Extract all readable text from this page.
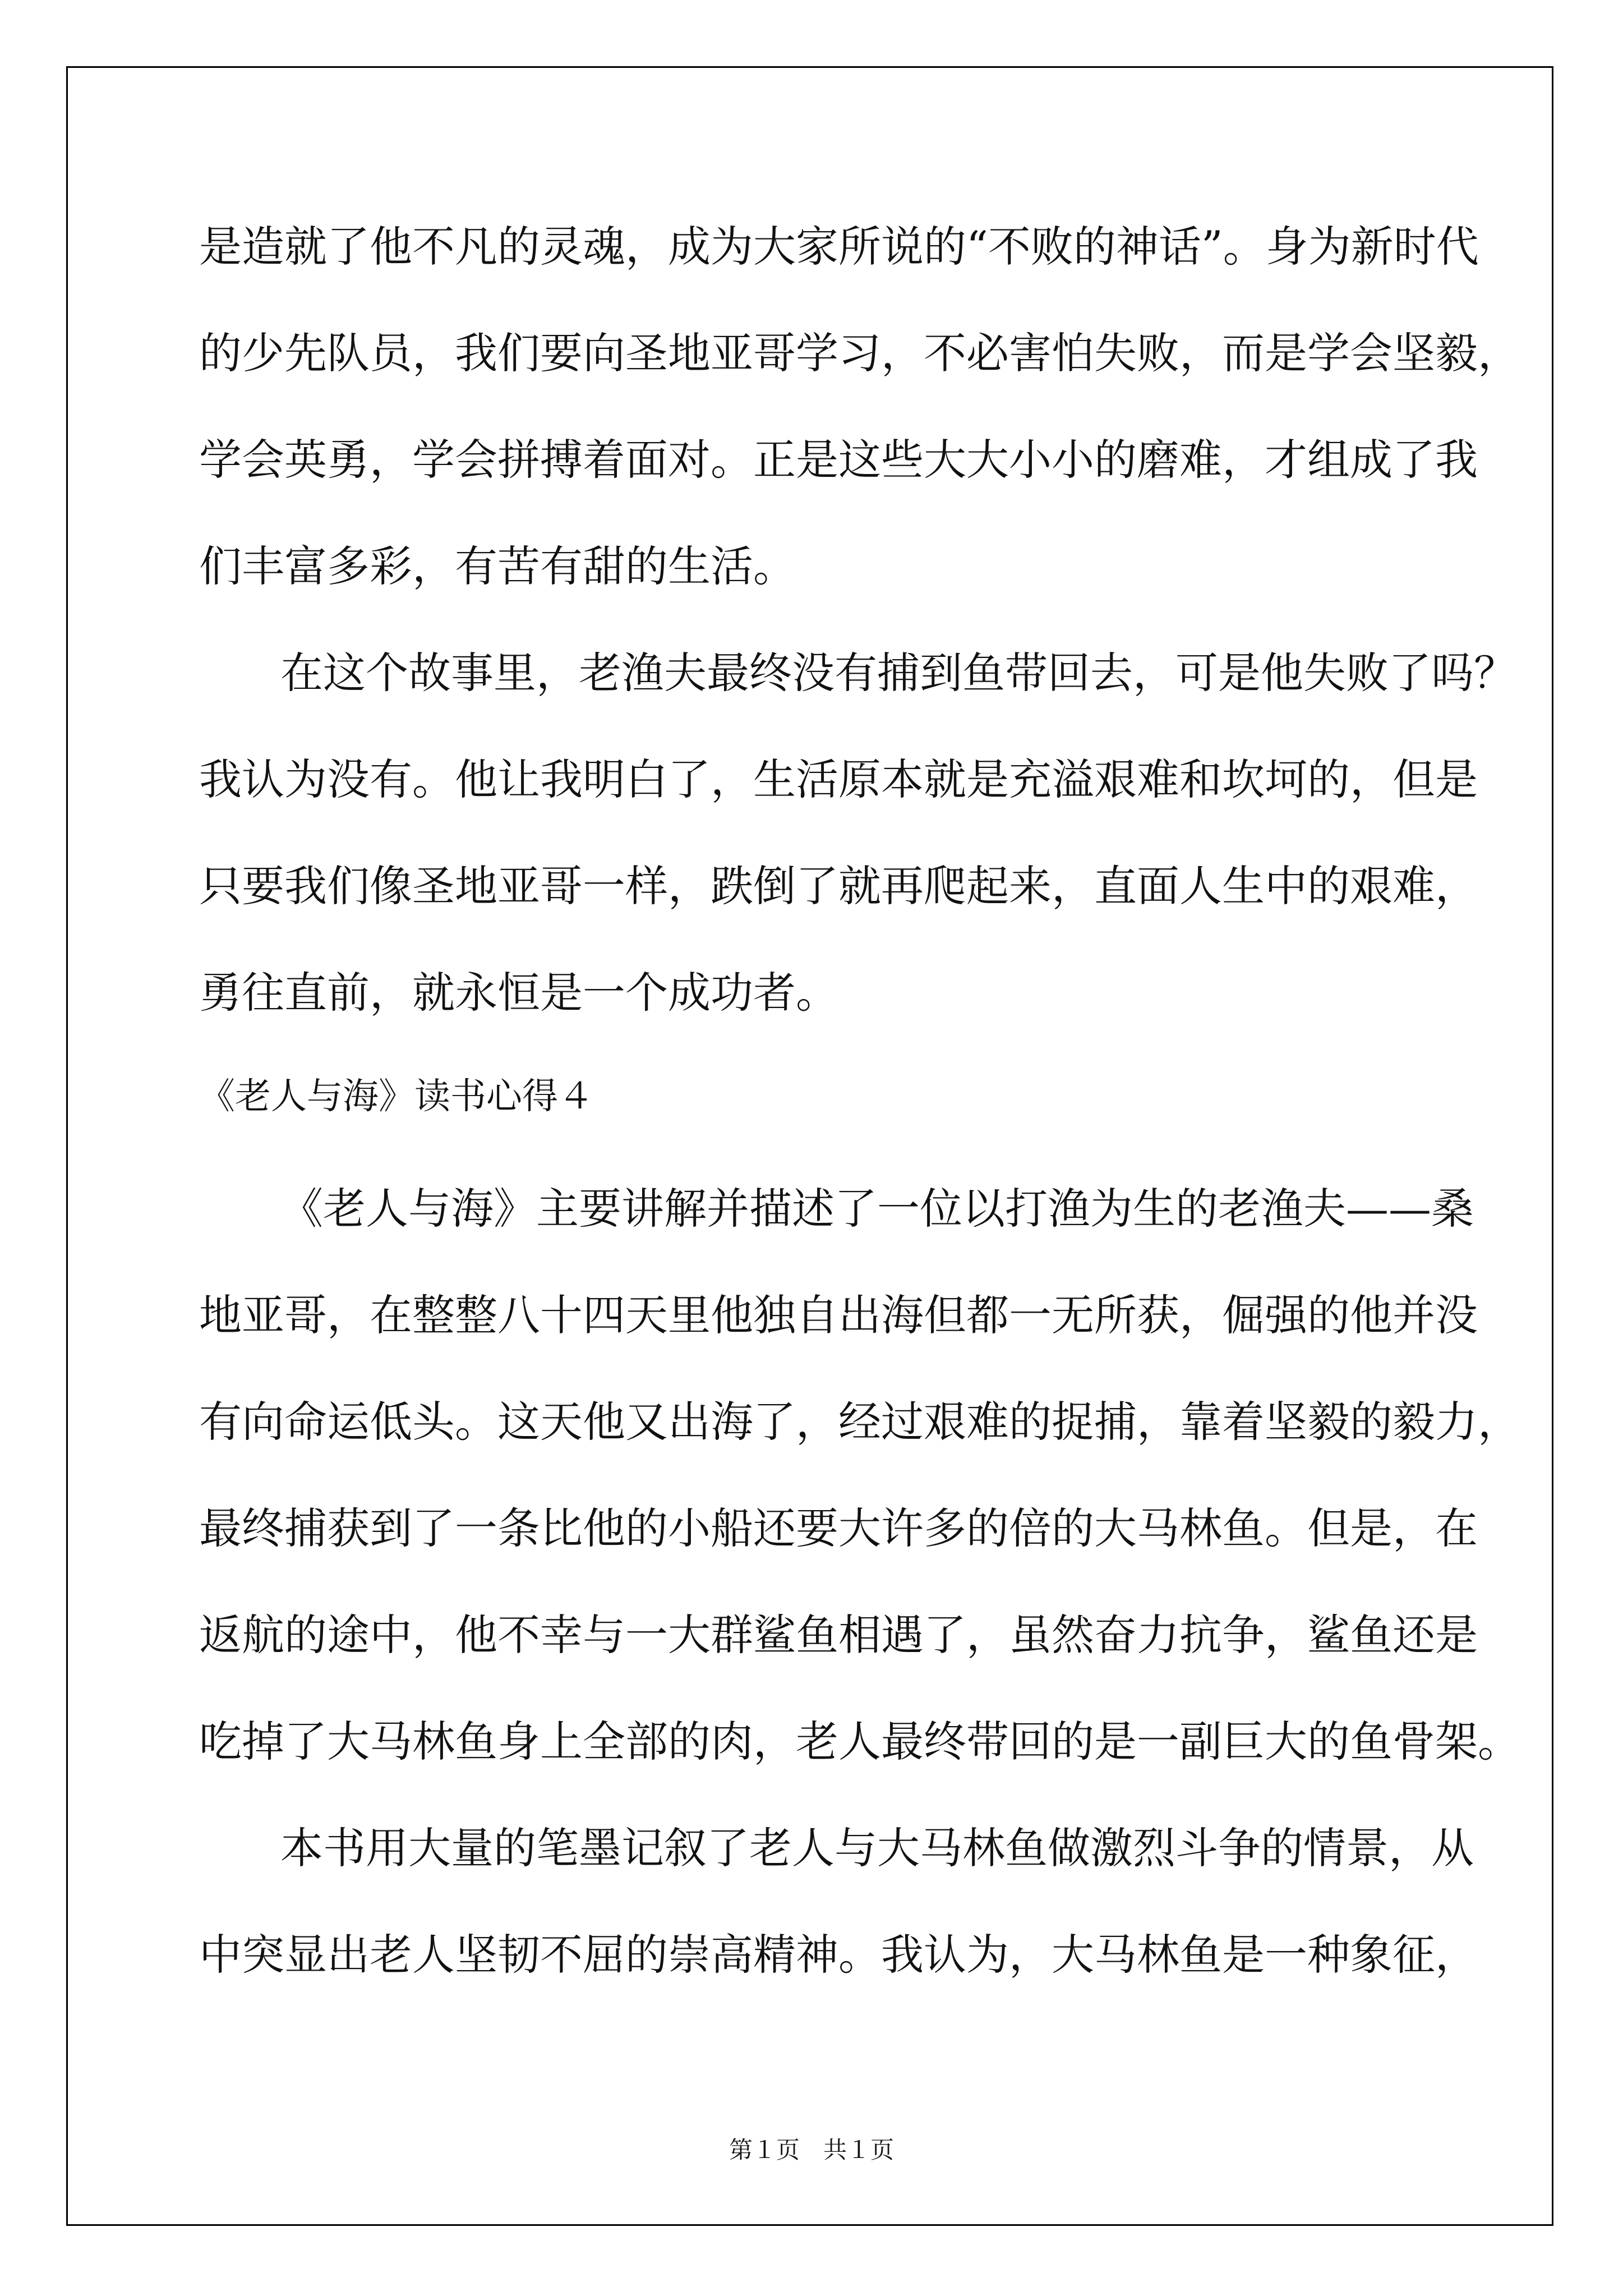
是造就了他不凡的灵魂，成为大家所说的“不败的神话”。身为新时代
的少先队员，我们要向圣地亚哥学习，不必害怕失败，而是学会坚毅，
学会英勇，学会拼搏着面对。正是这些大大小小的磨难，才组成了我
们丰富多彩，有苦有甜的生活。
在这个故事里，老渔夫最终没有捕到鱼带回去，可是他失败了吗？
我认为没有。他让我明白了，生活原本就是充溢艰难和坎坷的，但是
只要我们像圣地亚哥一样，跌倒了就再爬起来，直面人生中的艰难，
勇往直前，就永恒是一个成功者。
《老人与海》读书心得４
《老人与海》主要讲解并描述了一位以打渔为生的老渔夫——桑
地亚哥，在整整八十四天里他独自出海但都一无所获，倔强的他并没
有向命运低头。这天他又出海了，经过艰难的捉捕，靠着坚毅的毅力，
最终捕获到了一条比他的小船还要大许多的倍的大马林鱼。但是，在
返航的途中，他不幸与一大群鲨鱼相遇了，虽然奋力抗争，鲨鱼还是
吃掉了大马林鱼身上全部的肉，老人最终带回的是一副巨大的鱼骨架。
本书用大量的笔墨记叙了老人与大马林鱼做激烈斗争的情景，从
中突显出老人坚韧不屈的崇高精神。我认为，大马林鱼是一种象征，
第１页　共１页
